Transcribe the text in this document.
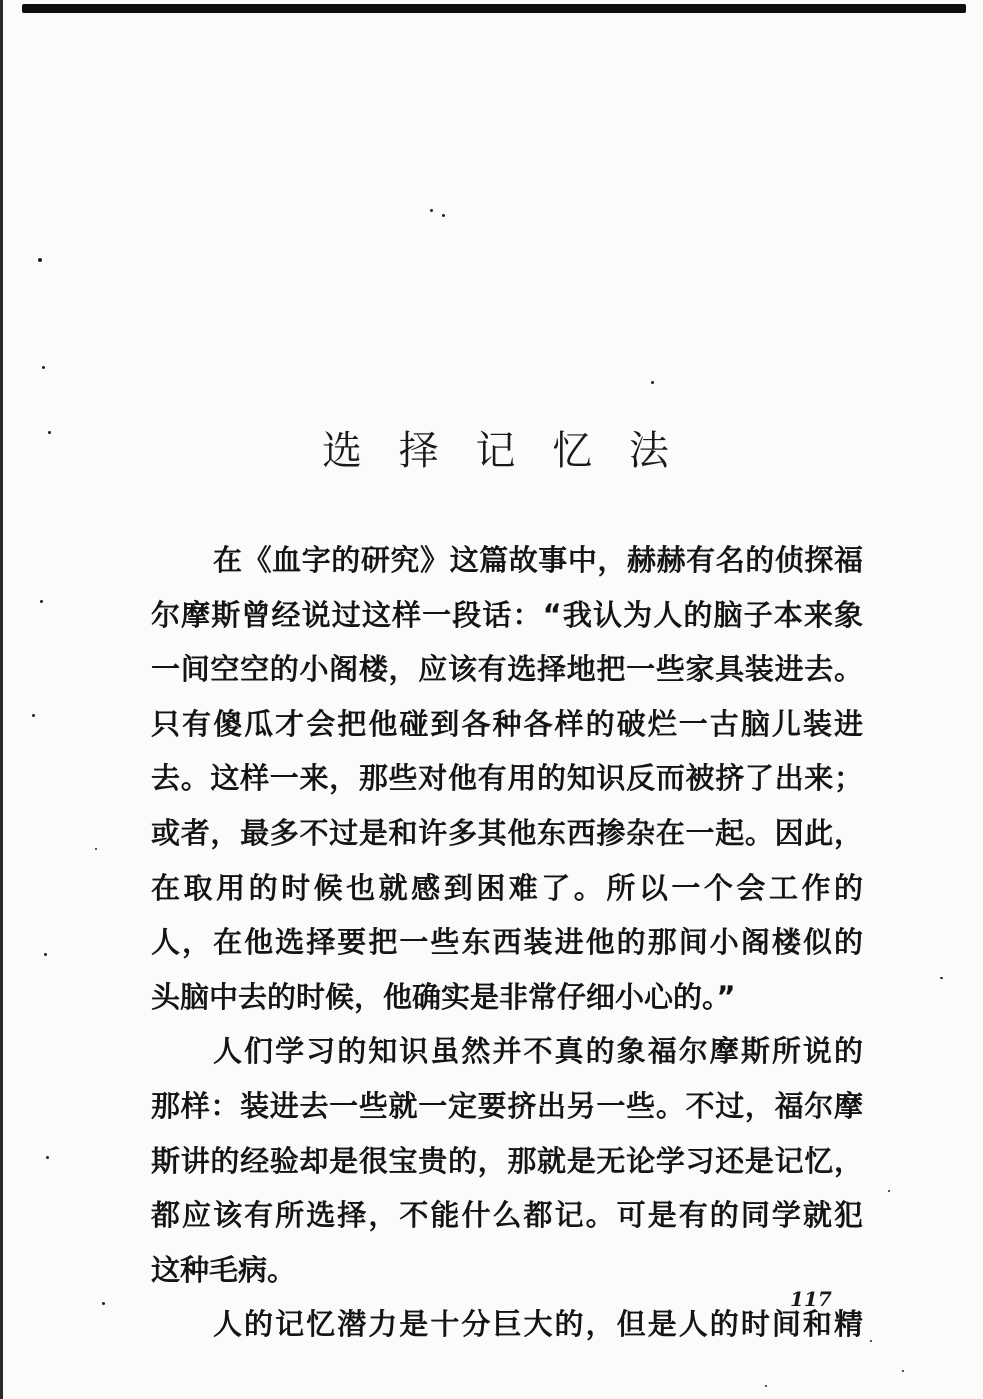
选 择 记 忆 法

在《血字的研究》这篇故事中，赫赫有名的侦探福
尔摩斯曾经说过这样一段话：“我认为人的脑子本来象
一间空空的小阁楼，应该有选择地把一些家具装进去。
只有傻瓜才会把他碰到各种各样的破烂一古脑儿装进
去。这样一来，那些对他有用的知识反而被挤了出来；
或者，最多不过是和许多其他东西掺杂在一起。因此，
在取用的时候也就感到困难了。所以一个会工作的
人，在他选择要把一些东西装进他的那间小阁楼似的
头脑中去的时候，他确实是非常仔细小心的。”

人们学习的知识虽然并不真的象福尔摩斯所说的
那样：装进去一些就一定要挤出另一些。不过，福尔摩
斯讲的经验却是很宝贵的，那就是无论学习还是记忆，
都应该有所选择，不能什么都记。可是有的同学就犯
这种毛病。

人的记忆潜力是十分巨大的，但是人的时间和精

117
